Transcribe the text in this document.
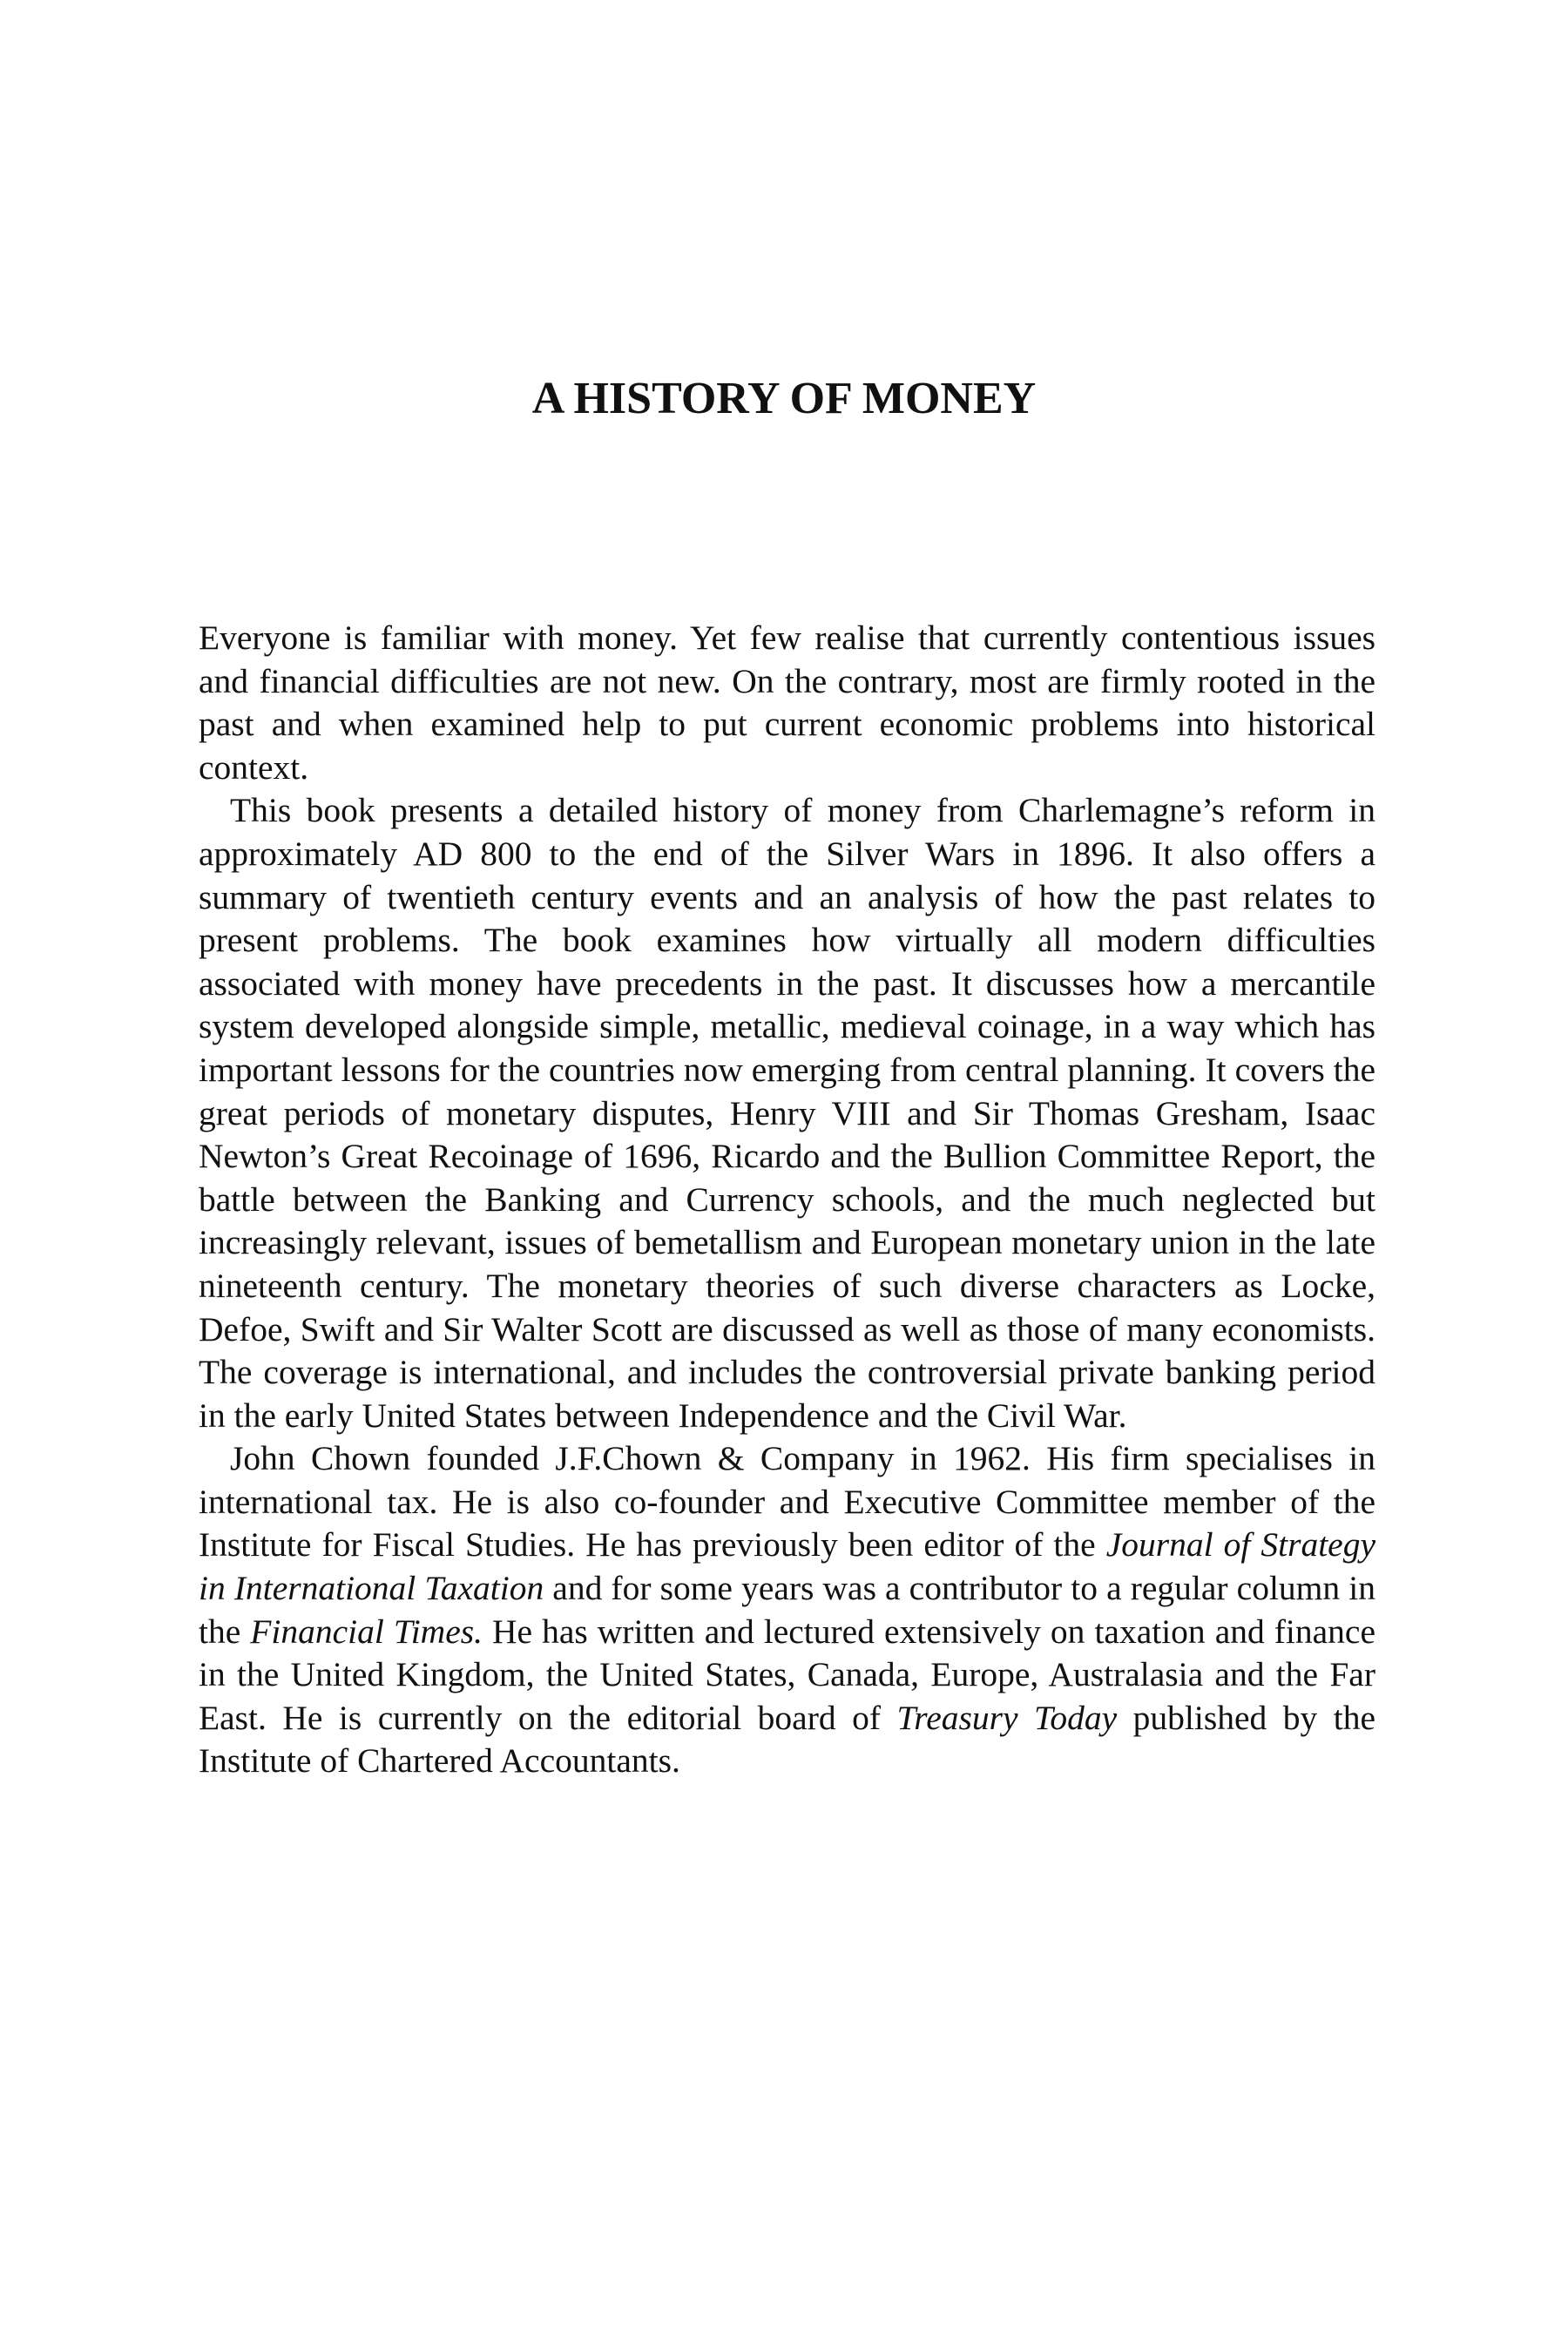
A HISTORY OF MONEY

Everyone is familiar with money. Yet few realise that currently contentious issues and financial difficulties are not new. On the contrary, most are firmly rooted in the past and when examined help to put current economic problems into historical context.

This book presents a detailed history of money from Charlemagne’s reform in approximately AD 800 to the end of the Silver Wars in 1896. It also offers a summary of twentieth century events and an analysis of how the past relates to present problems. The book examines how virtually all modern difficulties associated with money have precedents in the past. It discusses how a mercantile system developed alongside simple, metallic, medieval coinage, in a way which has important lessons for the countries now emerging from central planning. It covers the great periods of monetary disputes, Henry VIII and Sir Thomas Gresham, Isaac Newton’s Great Recoinage of 1696, Ricardo and the Bullion Committee Report, the battle between the Banking and Currency schools, and the much neglected but increasingly relevant, issues of bemetallism and European monetary union in the late nineteenth century. The monetary theories of such diverse characters as Locke, Defoe, Swift and Sir Walter Scott are discussed as well as those of many economists. The coverage is international, and includes the controversial private banking period in the early United States between Independence and the Civil War.

John Chown founded J.F.Chown & Company in 1962. His firm specialises in international tax. He is also co-founder and Executive Committee member of the Institute for Fiscal Studies. He has previously been editor of the Journal of Strategy in International Taxation and for some years was a contributor to a regular column in the Financial Times. He has written and lectured extensively on taxation and finance in the United Kingdom, the United States, Canada, Europe, Australasia and the Far East. He is currently on the editorial board of Treasury Today published by the Institute of Chartered Accountants.
